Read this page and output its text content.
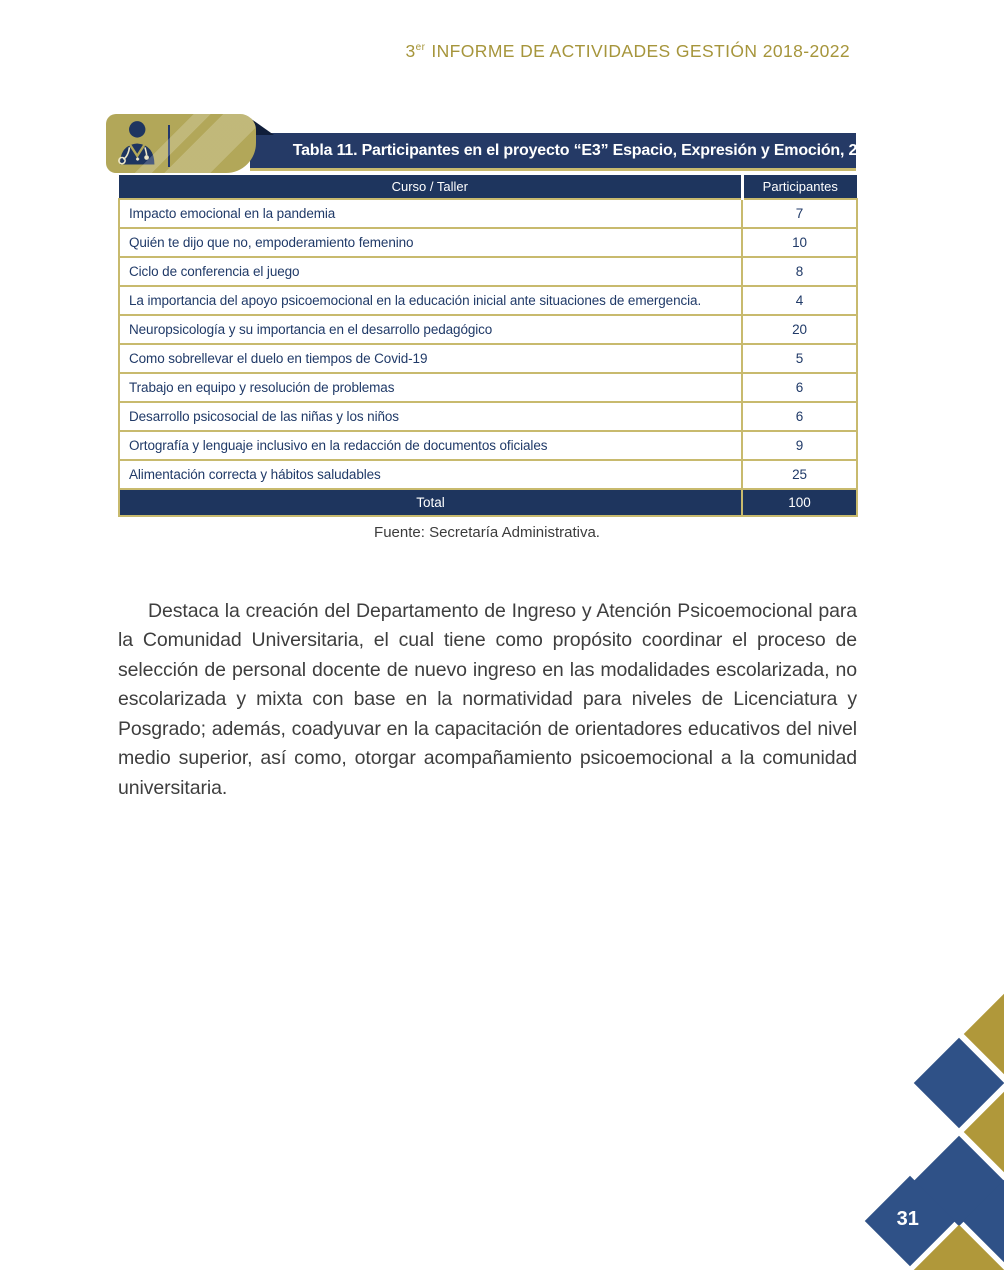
3er INFORME DE ACTIVIDADES GESTIÓN 2018-2022
Tabla 11. Participantes en el proyecto “E3” Espacio, Expresión y Emoción, 2021
Curso / Taller	Participantes
Impacto emocional en la pandemia	7
Quién te dijo que no, empoderamiento femenino	10
Ciclo de conferencia el juego	8
La importancia del apoyo psicoemocional en la educación inicial ante situaciones de emergencia.	4
Neuropsicología y su importancia en el desarrollo pedagógico	20
Como sobrellevar el duelo en tiempos de Covid-19	5
Trabajo en equipo y resolución de problemas	6
Desarrollo psicosocial de las niñas y los niños	6
Ortografía y lenguaje inclusivo en la redacción de documentos oficiales	9
Alimentación correcta y hábitos saludables	25
Total	100
Fuente: Secretaría Administrativa.

Destaca la creación del Departamento de Ingreso y Atención Psicoemocional para la Comunidad Universitaria, el cual tiene como propósito coordinar el proceso de selección de personal docente de nuevo ingreso en las modalidades escolarizada, no escolarizada y mixta con base en la normatividad para niveles de Licenciatura y Posgrado; además, coadyuvar en la capacitación de orientadores educativos del nivel medio superior, así como, otorgar acompañamiento psicoemocional a la comunidad universitaria.

31
